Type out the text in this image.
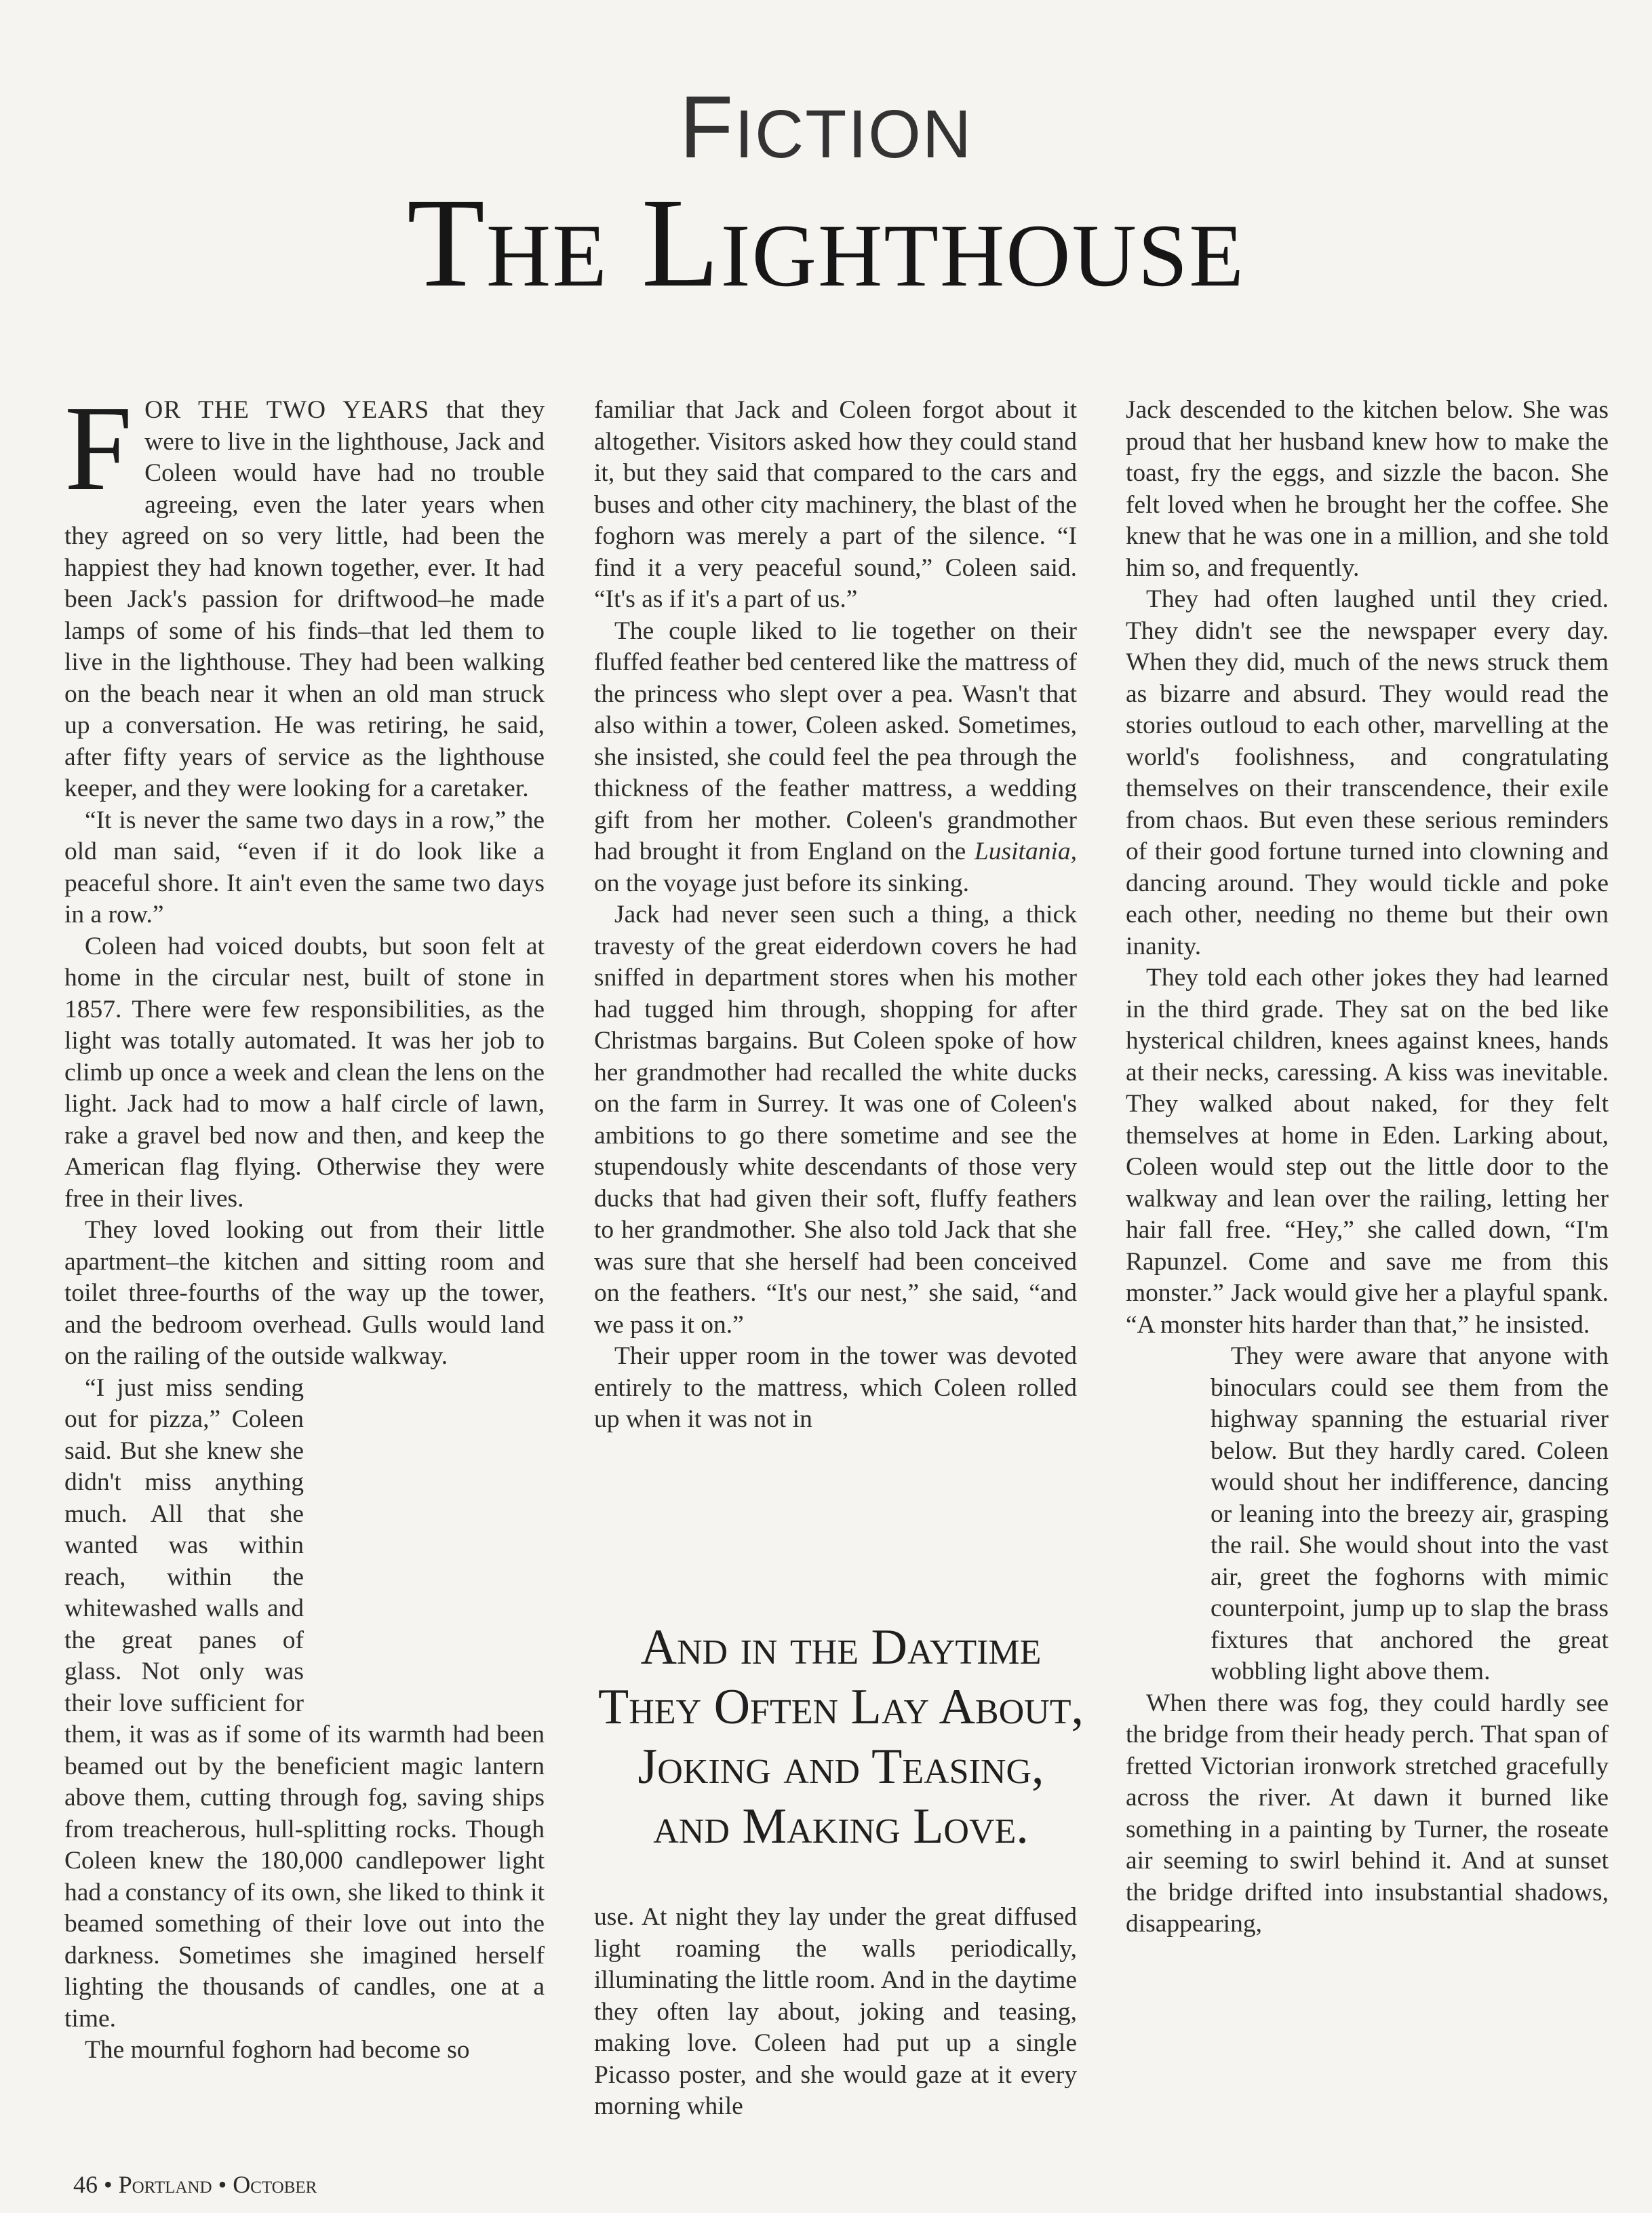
FICTION
The Lighthouse

FOR THE TWO YEARS that they were to live in the lighthouse, Jack and Coleen would have had no trouble agreeing, even the later years when they agreed on so very little, had been the happiest they had known together, ever. It had been Jack's passion for driftwood–he made lamps of some of his finds–that led them to live in the lighthouse. They had been walking on the beach near it when an old man struck up a conversation. He was retiring, he said, after fifty years of service as the lighthouse keeper, and they were looking for a caretaker.

“It is never the same two days in a row,” the old man said, “even if it do look like a peaceful shore. It ain't even the same two days in a row.”

Coleen had voiced doubts, but soon felt at home in the circular nest, built of stone in 1857. There were few responsibilities, as the light was totally automated. It was her job to climb up once a week and clean the lens on the light. Jack had to mow a half circle of lawn, rake a gravel bed now and then, and keep the American flag flying. Otherwise they were free in their lives.

They loved looking out from their little apartment–the kitchen and sitting room and toilet three-fourths of the way up the tower, and the bedroom overhead. Gulls would land on the railing of the outside walkway.

“I just miss sending out for pizza,” Coleen said. But she knew she didn't miss anything much. All that she wanted was within reach, within the whitewashed walls and the great panes of glass. Not only was their love sufficient for them, it was as if some of its warmth had been beamed out by the beneficient magic lantern above them, cutting through fog, saving ships from treacherous, hull-splitting rocks. Though Coleen knew the 180,000 candlepower light had a constancy of its own, she liked to think it beamed something of their love out into the darkness. Sometimes she imagined herself lighting the thousands of candles, one at a time.

The mournful foghorn had become so

familiar that Jack and Coleen forgot about it altogether. Visitors asked how they could stand it, but they said that compared to the cars and buses and other city machinery, the blast of the foghorn was merely a part of the silence. “I find it a very peaceful sound,” Coleen said. “It's as if it's a part of us.”

The couple liked to lie together on their fluffed feather bed centered like the mattress of the princess who slept over a pea. Wasn't that also within a tower, Coleen asked. Sometimes, she insisted, she could feel the pea through the thickness of the feather mattress, a wedding gift from her mother. Coleen's grandmother had brought it from England on the Lusitania, on the voyage just before its sinking.

Jack had never seen such a thing, a thick travesty of the great eiderdown covers he had sniffed in department stores when his mother had tugged him through, shopping for after Christmas bargains. But Coleen spoke of how her grandmother had recalled the white ducks on the farm in Surrey. It was one of Coleen's ambitions to go there sometime and see the stupendously white descendants of those very ducks that had given their soft, fluffy feathers to her grandmother. She also told Jack that she was sure that she herself had been conceived on the feathers. “It's our nest,” she said, “and we pass it on.”

Their upper room in the tower was devoted entirely to the mattress, which Coleen rolled up when it was not in

use. At night they lay under the great diffused light roaming the walls periodically, illuminating the little room. And in the daytime they often lay about, joking and teasing, making love. Coleen had put up a single Picasso poster, and she would gaze at it every morning while

Jack descended to the kitchen below. She was proud that her husband knew how to make the toast, fry the eggs, and sizzle the bacon. She felt loved when he brought her the coffee. She knew that he was one in a million, and she told him so, and frequently.

They had often laughed until they cried. They didn't see the newspaper every day. When they did, much of the news struck them as bizarre and absurd. They would read the stories outloud to each other, marvelling at the world's foolishness, and congratulating themselves on their transcendence, their exile from chaos. But even these serious reminders of their good fortune turned into clowning and dancing around. They would tickle and poke each other, needing no theme but their own inanity.

They told each other jokes they had learned in the third grade. They sat on the bed like hysterical children, knees against knees, hands at their necks, caressing. A kiss was inevitable. They walked about naked, for they felt themselves at home in Eden. Larking about, Coleen would step out the little door to the walkway and lean over the railing, letting her hair fall free. “Hey,” she called down, “I'm Rapunzel. Come and save me from this monster.” Jack would give her a playful spank. “A monster hits harder than that,” he insisted.

They were aware that anyone with binoculars could see them from the highway spanning the estuarial river below. But they hardly cared. Coleen would shout her indifference, dancing or leaning into the breezy air, grasping the rail. She would shout into the vast air, greet the foghorns with mimic counterpoint, jump up to slap the brass fixtures that anchored the great wobbling light above them.

When there was fog, they could hardly see the bridge from their heady perch. That span of fretted Victorian ironwork stretched gracefully across the river. At dawn it burned like something in a painting by Turner, the roseate air seeming to swirl behind it. And at sunset the bridge drifted into insubstantial shadows, disappearing,

And in the Daytime
They Often Lay About,
Joking and Teasing,
and Making Love.
46 • Portland • October
